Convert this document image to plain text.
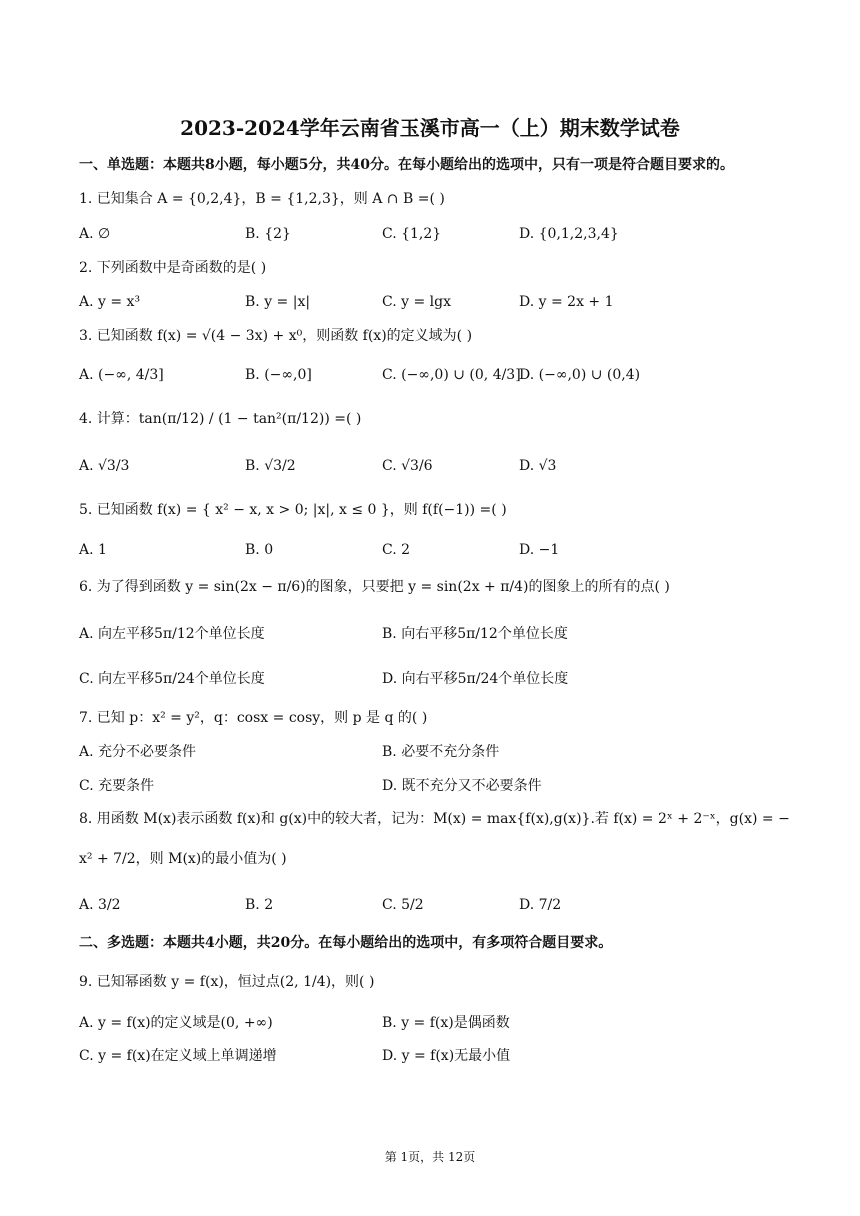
2023-2024学年云南省玉溪市高一（上）期末数学试卷
一、单选题：本题共8小题，每小题5分，共40分。在每小题给出的选项中，只有一项是符合题目要求的。
1. 已知集合 A = {0,2,4}，B = {1,2,3}，则 A ∩ B =( )
A. ∅	B. {2}	C. {1,2}	D. {0,1,2,3,4}
2. 下列函数中是奇函数的是( )
A. y = x³	B. y = |x|	C. y = lgx	D. y = 2x + 1
3. 已知函数 f(x) = √(4 − 3x) + x⁰，则函数 f(x)的定义域为( )
A. (−∞, 4/3]	B. (−∞,0]	C. (−∞,0) ∪ (0, 4/3]
D. (−∞,0) ∪ (0,4)
4. 计算：tan(π/12) / (1 − tan²(π/12)) =( )
A. √3/3	B. √3/2	C. √3/6	D. √3
5. 已知函数 f(x) = { x² − x, x > 0; |x|, x ≤ 0 }，则 f(f(−1)) =( )
A. 1	B. 0	C. 2	D. −1
6. 为了得到函数 y = sin(2x − π/6)的图象，只要把 y = sin(2x + π/4)的图象上的所有的点( )
A. 向左平移5π/12个单位长度	B. 向右平移5π/12个单位长度
C. 向左平移5π/24个单位长度	D. 向右平移5π/24个单位长度
7. 已知 p：x² = y²，q：cosx = cosy，则 p 是 q 的( )
A. 充分不必要条件	B. 必要不充分条件
C. 充要条件	D. 既不充分又不必要条件
8. 用函数 M(x)表示函数 f(x)和 g(x)中的较大者，记为：M(x) = max{f(x),g(x)}.若 f(x) = 2ˣ + 2⁻ˣ，g(x) = −
x² + 7/2，则 M(x)的最小值为( )
A. 3/2	B. 2	C. 5/2	D. 7/2
二、多选题：本题共4小题，共20分。在每小题给出的选项中，有多项符合题目要求。
9. 已知幂函数 y = f(x)，恒过点(2, 1/4)，则( )
A. y = f(x)的定义域是(0, +∞)	B. y = f(x)是偶函数
C. y = f(x)在定义域上单调递增	D. y = f(x)无最小值
第 1页，共 12页
